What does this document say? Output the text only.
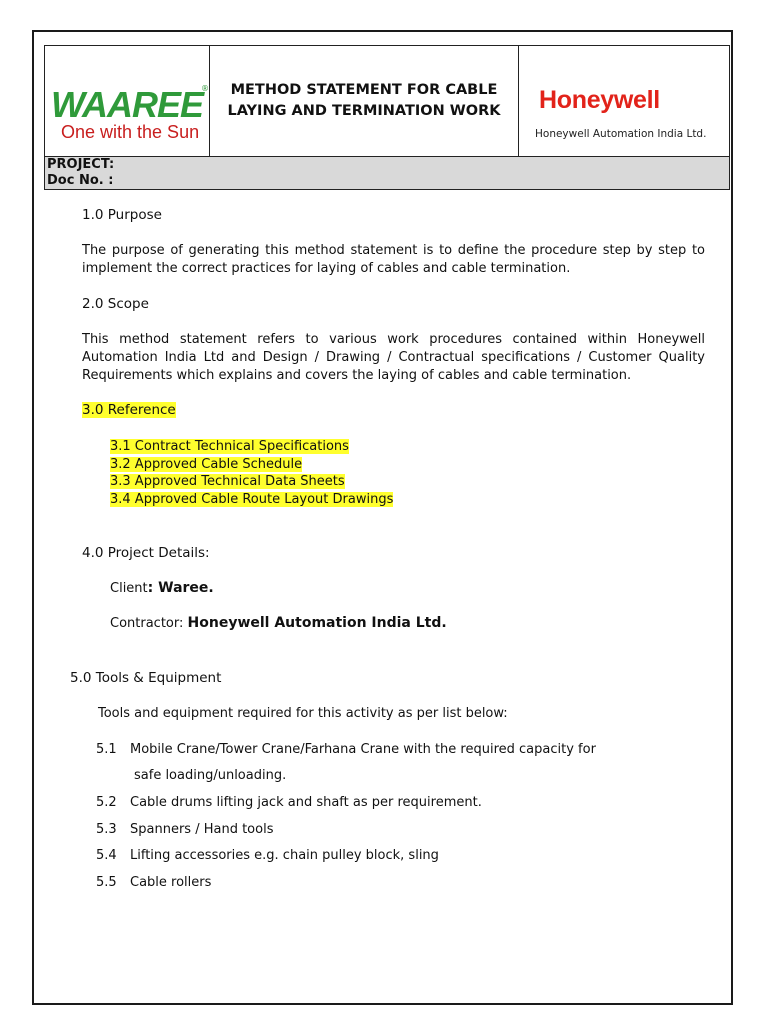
WAAREE
®
One with the Sun
METHOD STATEMENT FOR CABLE
LAYING AND TERMINATION WORK Honeywell
Honeywell Automation India Ltd.
PROJECT:
Doc No. :
1.0 Purpose
The purpose of generating this method statement is to define the procedure step by step to implement the correct practices for laying of cables and cable termination.
2.0 Scope
This method statement refers to various work procedures contained within Honeywell Automation India Ltd and Design / Drawing / Contractual specifications / Customer Quality Requirements which explains and covers the laying of cables and cable termination.
3.0 Reference
3.1 Contract Technical Specifications
3.2 Approved Cable Schedule
3.3 Approved Technical Data Sheets
3.4 Approved Cable Route Layout Drawings
4.0 Project Details:
Client: Waree.
Contractor: Honeywell Automation India Ltd.
5.0 Tools & Equipment
Tools and equipment required for this activity as per list below:
5.1 Mobile Crane/Tower Crane/Farhana Crane with the required capacity for
safe loading/unloading.
5.2 Cable drums lifting jack and shaft as per requirement.
5.3 Spanners / Hand tools
5.4 Lifting accessories e.g. chain pulley block, sling
5.5 Cable rollers
